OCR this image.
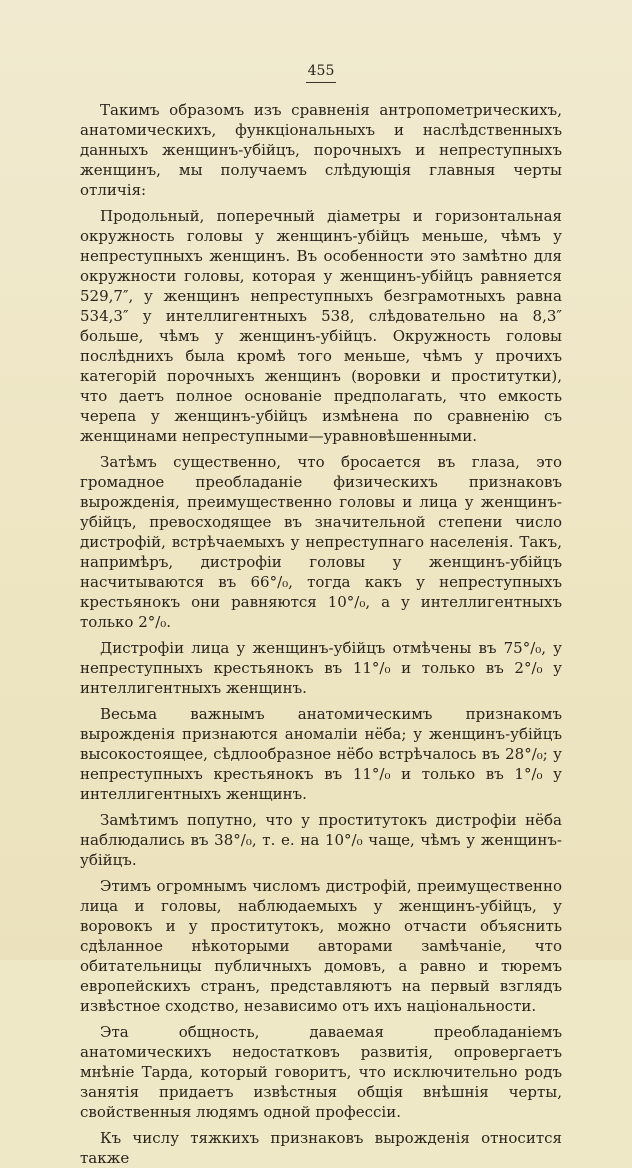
455

Такимъ образомъ изъ сравненія антропометрическихъ, анатомическихъ, функціональныхъ и наслѣдственныхъ данныхъ женщинъ-убійцъ, порочныхъ и непреступныхъ женщинъ, мы получаемъ слѣдующія главныя черты отличія:

Продольный, поперечный діаметры и горизонтальная окружность головы у женщинъ-убійцъ меньше, чѣмъ у непреступныхъ женщинъ. Въ особенности это замѣтно для окружности головы, которая у женщинъ-убійцъ равняется 529,7″, у женщинъ непреступныхъ безграмотныхъ равна 534,3″ у интеллигентныхъ 538, слѣдовательно на 8,3″ больше, чѣмъ у женщинъ-убійцъ. Окружность головы послѣднихъ была кромѣ того меньше, чѣмъ у прочихъ категорій порочныхъ женщинъ (воровки и проститутки), что даетъ полное основаніе предполагать, что емкость черепа у женщинъ-убійцъ измѣнена по сравненію съ женщинами непреступными—уравновѣшенными.

Затѣмъ существенно, что бросается въ глаза, это громадное преобладаніе физическихъ признаковъ вырожденія, преимущественно головы и лица у женщинъ-убійцъ, превосходящее въ значительной степени число дистрофій, встрѣчаемыхъ у непреступнаго населенія. Такъ, напримѣръ, дистрофіи головы у женщинъ-убійцъ насчитываются въ 66°/₀, тогда какъ у непреступныхъ крестьянокъ они равняются 10°/₀, а у интеллигентныхъ только 2°/₀.

Дистрофіи лица у женщинъ-убійцъ отмѣчены въ 75°/₀, у непреступныхъ крестьянокъ въ 11°/₀ и только въ 2°/₀ у интеллигентныхъ женщинъ.

Весьма важнымъ анатомическимъ признакомъ вырожденія признаются аномаліи нёба; у женщинъ-убійцъ высокостоящее, сѣдлообразное нёбо встрѣчалось въ 28°/₀; у непреступныхъ крестьянокъ въ 11°/₀ и только въ 1°/₀ у интеллигентныхъ женщинъ.

Замѣтимъ попутно, что у проститутокъ дистрофіи нёба наблюдались въ 38°/₀, т. е. на 10°/₀ чаще, чѣмъ у женщинъ-убійцъ.

Этимъ огромнымъ числомъ дистрофій, преимущественно лица и головы, наблюдаемыхъ у женщинъ-убійцъ, у воровокъ и у проститутокъ, можно отчасти объяснить сдѣланное нѣкоторыми авторами замѣчаніе, что обитательницы публичныхъ домовъ, а равно и тюремъ европейскихъ странъ, представляютъ на первый взглядъ извѣстное сходство, независимо отъ ихъ національности.

Эта общность, даваемая преобладаніемъ анатомическихъ недостатковъ развитія, опровергаетъ мнѣніе Тарда, который говоритъ, что исключительно родъ занятія придаетъ извѣстныя общія внѣшнія черты, свойственныя людямъ одной профессіи.

Къ числу тяжкихъ признаковъ вырожденія относится также
